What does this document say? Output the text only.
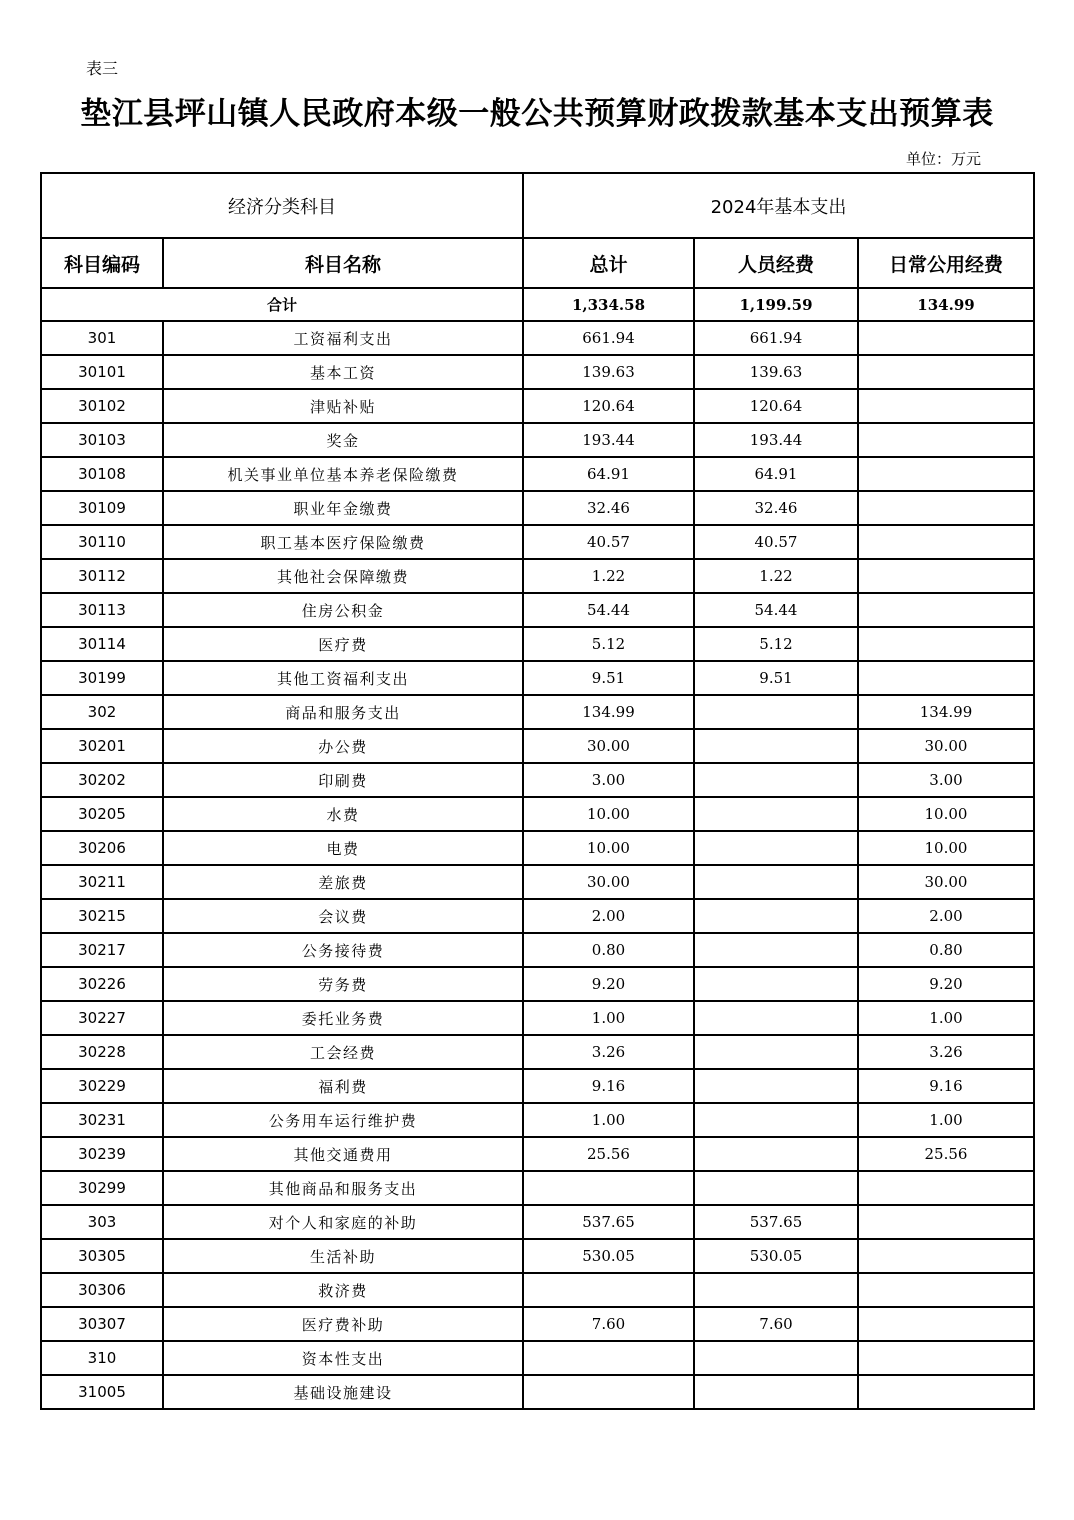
表三
垫江县坪山镇人民政府本级一般公共预算财政拨款基本支出预算表
单位：万元
经济分类科目		2024年基本支出		
科目编码	科目名称	总计	人员经费	日常公用经费
合计		1,334.58	1,199.59	134.99
301	工资福利支出	661.94	661.94	
30101	基本工资	139.63	139.63	
30102	津贴补贴	120.64	120.64	
30103	奖金	193.44	193.44	
30108	机关事业单位基本养老保险缴费	64.91	64.91	
30109	职业年金缴费	32.46	32.46	
30110	职工基本医疗保险缴费	40.57	40.57	
30112	其他社会保障缴费	1.22	1.22	
30113	住房公积金	54.44	54.44	
30114	医疗费	5.12	5.12	
30199	其他工资福利支出	9.51	9.51	
302	商品和服务支出	134.99		134.99
30201	办公费	30.00		30.00
30202	印刷费	3.00		3.00
30205	水费	10.00		10.00
30206	电费	10.00		10.00
30211	差旅费	30.00		30.00
30215	会议费	2.00		2.00
30217	公务接待费	0.80		0.80
30226	劳务费	9.20		9.20
30227	委托业务费	1.00		1.00
30228	工会经费	3.26		3.26
30229	福利费	9.16		9.16
30231	公务用车运行维护费	1.00		1.00
30239	其他交通费用	25.56		25.56
30299	其他商品和服务支出			
303	对个人和家庭的补助	537.65	537.65	
30305	生活补助	530.05	530.05	
30306	救济费			
30307	医疗费补助	7.60	7.60	
310	资本性支出			
31005	基础设施建设			
